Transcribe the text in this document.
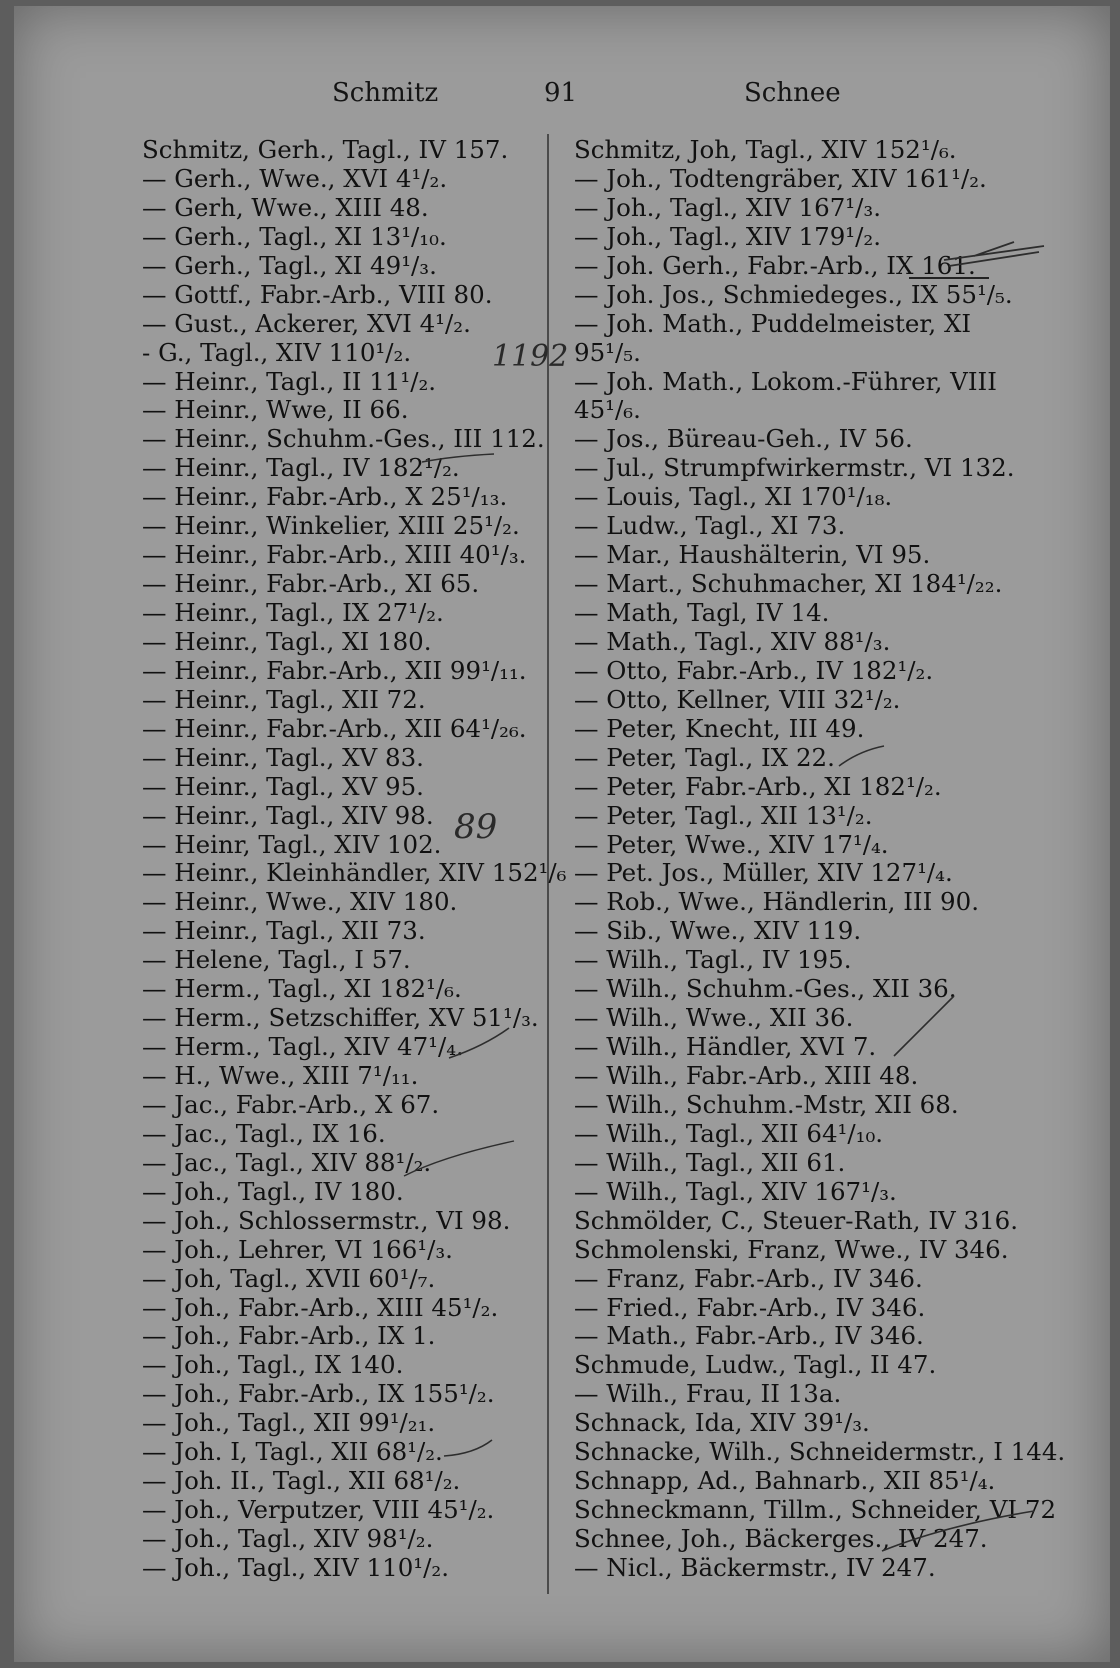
Schmitz	91	Schnee
Schmitz, Gerh., Tagl., IV 157.
— Gerh., Wwe., XVI 4¹/₂.
— Gerh, Wwe., XIII 48.
— Gerh., Tagl., XI 13¹/₁₀.
— Gerh., Tagl., XI 49¹/₃.
— Gottf., Fabr.-Arb., VIII 80.
— Gust., Ackerer, XVI 4¹/₂.
- G., Tagl., XIV 110¹/₂.
— Heinr., Tagl., II 11¹/₂.
— Heinr., Wwe, II 66.
— Heinr., Schuhm.-Ges., III 112.
— Heinr., Tagl., IV 182¹/₂.
— Heinr., Fabr.-Arb., X 25¹/₁₃.
— Heinr., Winkelier, XIII 25¹/₂.
— Heinr., Fabr.-Arb., XIII 40¹/₃.
— Heinr., Fabr.-Arb., XI 65.
— Heinr., Tagl., IX 27¹/₂.
— Heinr., Tagl., XI 180.
— Heinr., Fabr.-Arb., XII 99¹/₁₁.
— Heinr., Tagl., XII 72.
— Heinr., Fabr.-Arb., XII 64¹/₂₆.
— Heinr., Tagl., XV 83.
— Heinr., Tagl., XV 95.
— Heinr., Tagl., XIV 98.
— Heinr, Tagl., XIV 102.
— Heinr., Kleinhändler, XIV 152¹/₆
— Heinr., Wwe., XIV 180.
— Heinr., Tagl., XII 73.
— Helene, Tagl., I 57.
— Herm., Tagl., XI 182¹/₆.
— Herm., Setzschiffer, XV 51¹/₃.
— Herm., Tagl., XIV 47¹/₄.
— H., Wwe., XIII 7¹/₁₁.
— Jac., Fabr.-Arb., X 67.
— Jac., Tagl., IX 16.
— Jac., Tagl., XIV 88¹/₂.
— Joh., Tagl., IV 180.
— Joh., Schlossermstr., VI 98.
— Joh., Lehrer, VI 166¹/₃.
— Joh, Tagl., XVII 60¹/₇.
— Joh., Fabr.-Arb., XIII 45¹/₂.
— Joh., Fabr.-Arb., IX 1.
— Joh., Tagl., IX 140.
— Joh., Fabr.-Arb., IX 155¹/₂.
— Joh., Tagl., XII 99¹/₂₁.
— Joh. I, Tagl., XII 68¹/₂.
— Joh. II., Tagl., XII 68¹/₂.
— Joh., Verputzer, VIII 45¹/₂.
— Joh., Tagl., XIV 98¹/₂.
— Joh., Tagl., XIV 110¹/₂.
Schmitz, Joh, Tagl., XIV 152¹/₆.
— Joh., Todtengräber, XIV 161¹/₂.
— Joh., Tagl., XIV 167¹/₃.
— Joh., Tagl., XIV 179¹/₂.
— Joh. Gerh., Fabr.-Arb., IX 161.
— Joh. Jos., Schmiedeges., IX 55¹/₅.
— Joh. Math., Puddelmeister, XI
95¹/₅.
— Joh. Math., Lokom.-Führer, VIII
45¹/₆.
— Jos., Büreau-Geh., IV 56.
— Jul., Strumpfwirkermstr., VI 132.
— Louis, Tagl., XI 170¹/₁₈.
— Ludw., Tagl., XI 73.
— Mar., Haushälterin, VI 95.
— Mart., Schuhmacher, XI 184¹/₂₂.
— Math, Tagl, IV 14.
— Math., Tagl., XIV 88¹/₃.
— Otto, Fabr.-Arb., IV 182¹/₂.
— Otto, Kellner, VIII 32¹/₂.
— Peter, Knecht, III 49.
— Peter, Tagl., IX 22.
— Peter, Fabr.-Arb., XI 182¹/₂.
— Peter, Tagl., XII 13¹/₂.
— Peter, Wwe., XIV 17¹/₄.
— Pet. Jos., Müller, XIV 127¹/₄.
— Rob., Wwe., Händlerin, III 90.
— Sib., Wwe., XIV 119.
— Wilh., Tagl., IV 195.
— Wilh., Schuhm.-Ges., XII 36.
— Wilh., Wwe., XII 36.
— Wilh., Händler, XVI 7.
— Wilh., Fabr.-Arb., XIII 48.
— Wilh., Schuhm.-Mstr, XII 68.
— Wilh., Tagl., XII 64¹/₁₀.
— Wilh., Tagl., XII 61.
— Wilh., Tagl., XIV 167¹/₃.
Schmölder, C., Steuer-Rath, IV 316.
Schmolenski, Franz, Wwe., IV 346.
— Franz, Fabr.-Arb., IV 346.
— Fried., Fabr.-Arb., IV 346.
— Math., Fabr.-Arb., IV 346.
Schmude, Ludw., Tagl., II 47.
— Wilh., Frau, II 13a.
Schnack, Ida, XIV 39¹/₃.
Schnacke, Wilh., Schneidermstr., I 144.
Schnapp, Ad., Bahnarb., XII 85¹/₄.
Schneckmann, Tillm., Schneider, VI 72
Schnee, Joh., Bäckerges., IV 247.
— Nicl., Bäckermstr., IV 247.
1192
89
